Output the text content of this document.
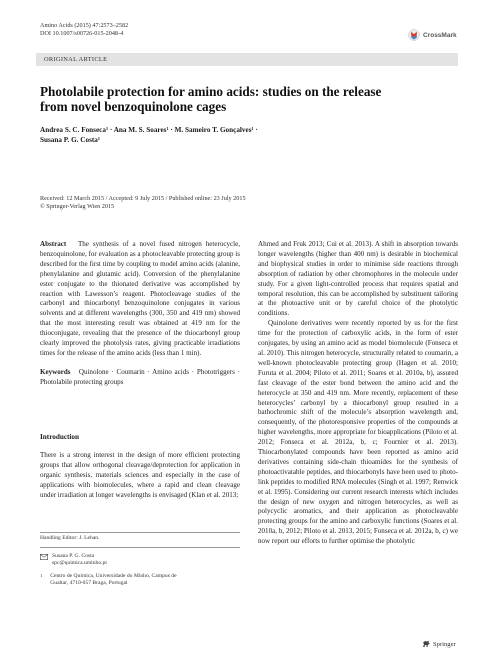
Amino Acids (2015) 47:2573–2582
DOI 10.1007/s00726-015-2048-4	CrossMark
ORIGINAL ARTICLE
Photolabile protection for amino acids: studies on the release
from novel benzoquinolone cages
Andrea S. C. Fonseca¹ · Ana M. S. Soares¹ · M. Sameiro T. Gonçalves¹ ·
Susana P. G. Costa¹
Received: 12 March 2015 / Accepted: 9 July 2015 / Published online: 23 July 2015
© Springer-Verlag Wien 2015

Abstract The synthesis of a novel fused nitrogen heterocycle, benzoquinolone, for evaluation as a photocleavable protecting group is described for the first time by coupling to model amino acids (alanine, phenylalanine and glutamic acid). Conversion of the phenylalanine ester conjugate to the thionated derivative was accomplished by reaction with Lawesson’s reagent. Photocleavage studies of the carbonyl and thiocarbonyl benzoquinolone conjugates in various solvents and at different wavelengths (300, 350 and 419 nm) showed that the most interesting result was obtained at 419 nm for the thioconjugate, revealing that the presence of the thiocarbonyl group clearly improved the photolysis rates, giving practicable irradiations times for the release of the amino acids (less than 1 min).

Keywords Quinolone · Coumarin · Amino acids · Phototriggers · Photolabile protecting groups

Introduction
There is a strong interest in the design of more efficient protecting groups that allow orthogonal cleavage/deprotection for application in organic synthesis, materials sciences and especially in the case of applications with biomolecules, where a rapid and clean cleavage under irradiation at longer wavelengths is envisaged (Klan et al. 2013;
Handling Editor: J. Lehan.
Susana P. G. Costa
spc@quimica.uminho.pt
1 Centro de Química, Universidade do Minho, Campus de
Gualtar, 4710-057 Braga, Portugal

Ahmed and Fruk 2013; Cui et al. 2013). A shift in absorption towards longer wavelengths (higher than 400 nm) is desirable in biochemical and biophysical studies in order to minimise side reactions through absorption of radiation by other chromophores in the molecule under study. For a given light-controlled process that requires spatial and temporal resolution, this can be accomplished by substituent tailoring at the photoactive unit or by careful choice of the photolytic conditions.

Quinolone derivatives were recently reported by us for the first time for the protection of carboxylic acids, in the form of ester conjugates, by using an amino acid as model biomolecule (Fonseca et al. 2010). This nitrogen heterocycle, structurally related to coumarin, a well-known photocleavable protecting group (Hagen et al. 2010; Furuta et al. 2004; Piloto et al. 2011; Soares et al. 2010a, b), assured fast cleavage of the ester bond between the amino acid and the heterocycle at 350 and 419 nm. More recently, replacement of these heterocycles’ carbonyl by a thiocarbonyl group resulted in a bathochromic shift of the molecule’s absorption wavelength and, consequently, of the photoresponsive properties of the compounds at higher wavelengths, more appropriate for bioapplications (Piloto et al. 2012; Fonseca et al. 2012a, b, c; Fournier et al. 2013). Thiocarbonylated compounds have been reported as amino acid derivatives containing side-chain thioamides for the synthesis of photoactivatable peptides, and thiocarbonyls have been used to photo-link peptides to modified RNA molecules (Singh et al. 1997; Renwick et al. 1995). Considering our current research interests which includes the design of new oxygen and nitrogen heterocycles, as well as polycyclic aromatics, and their application as photocleavable protecting groups for the amino and carboxylic functions (Soares et al. 2010a, b, 2012; Piloto et al. 2013, 2015; Fonseca et al. 2012a, b, c) we now report our efforts to further optimise the photolytic

Springer
